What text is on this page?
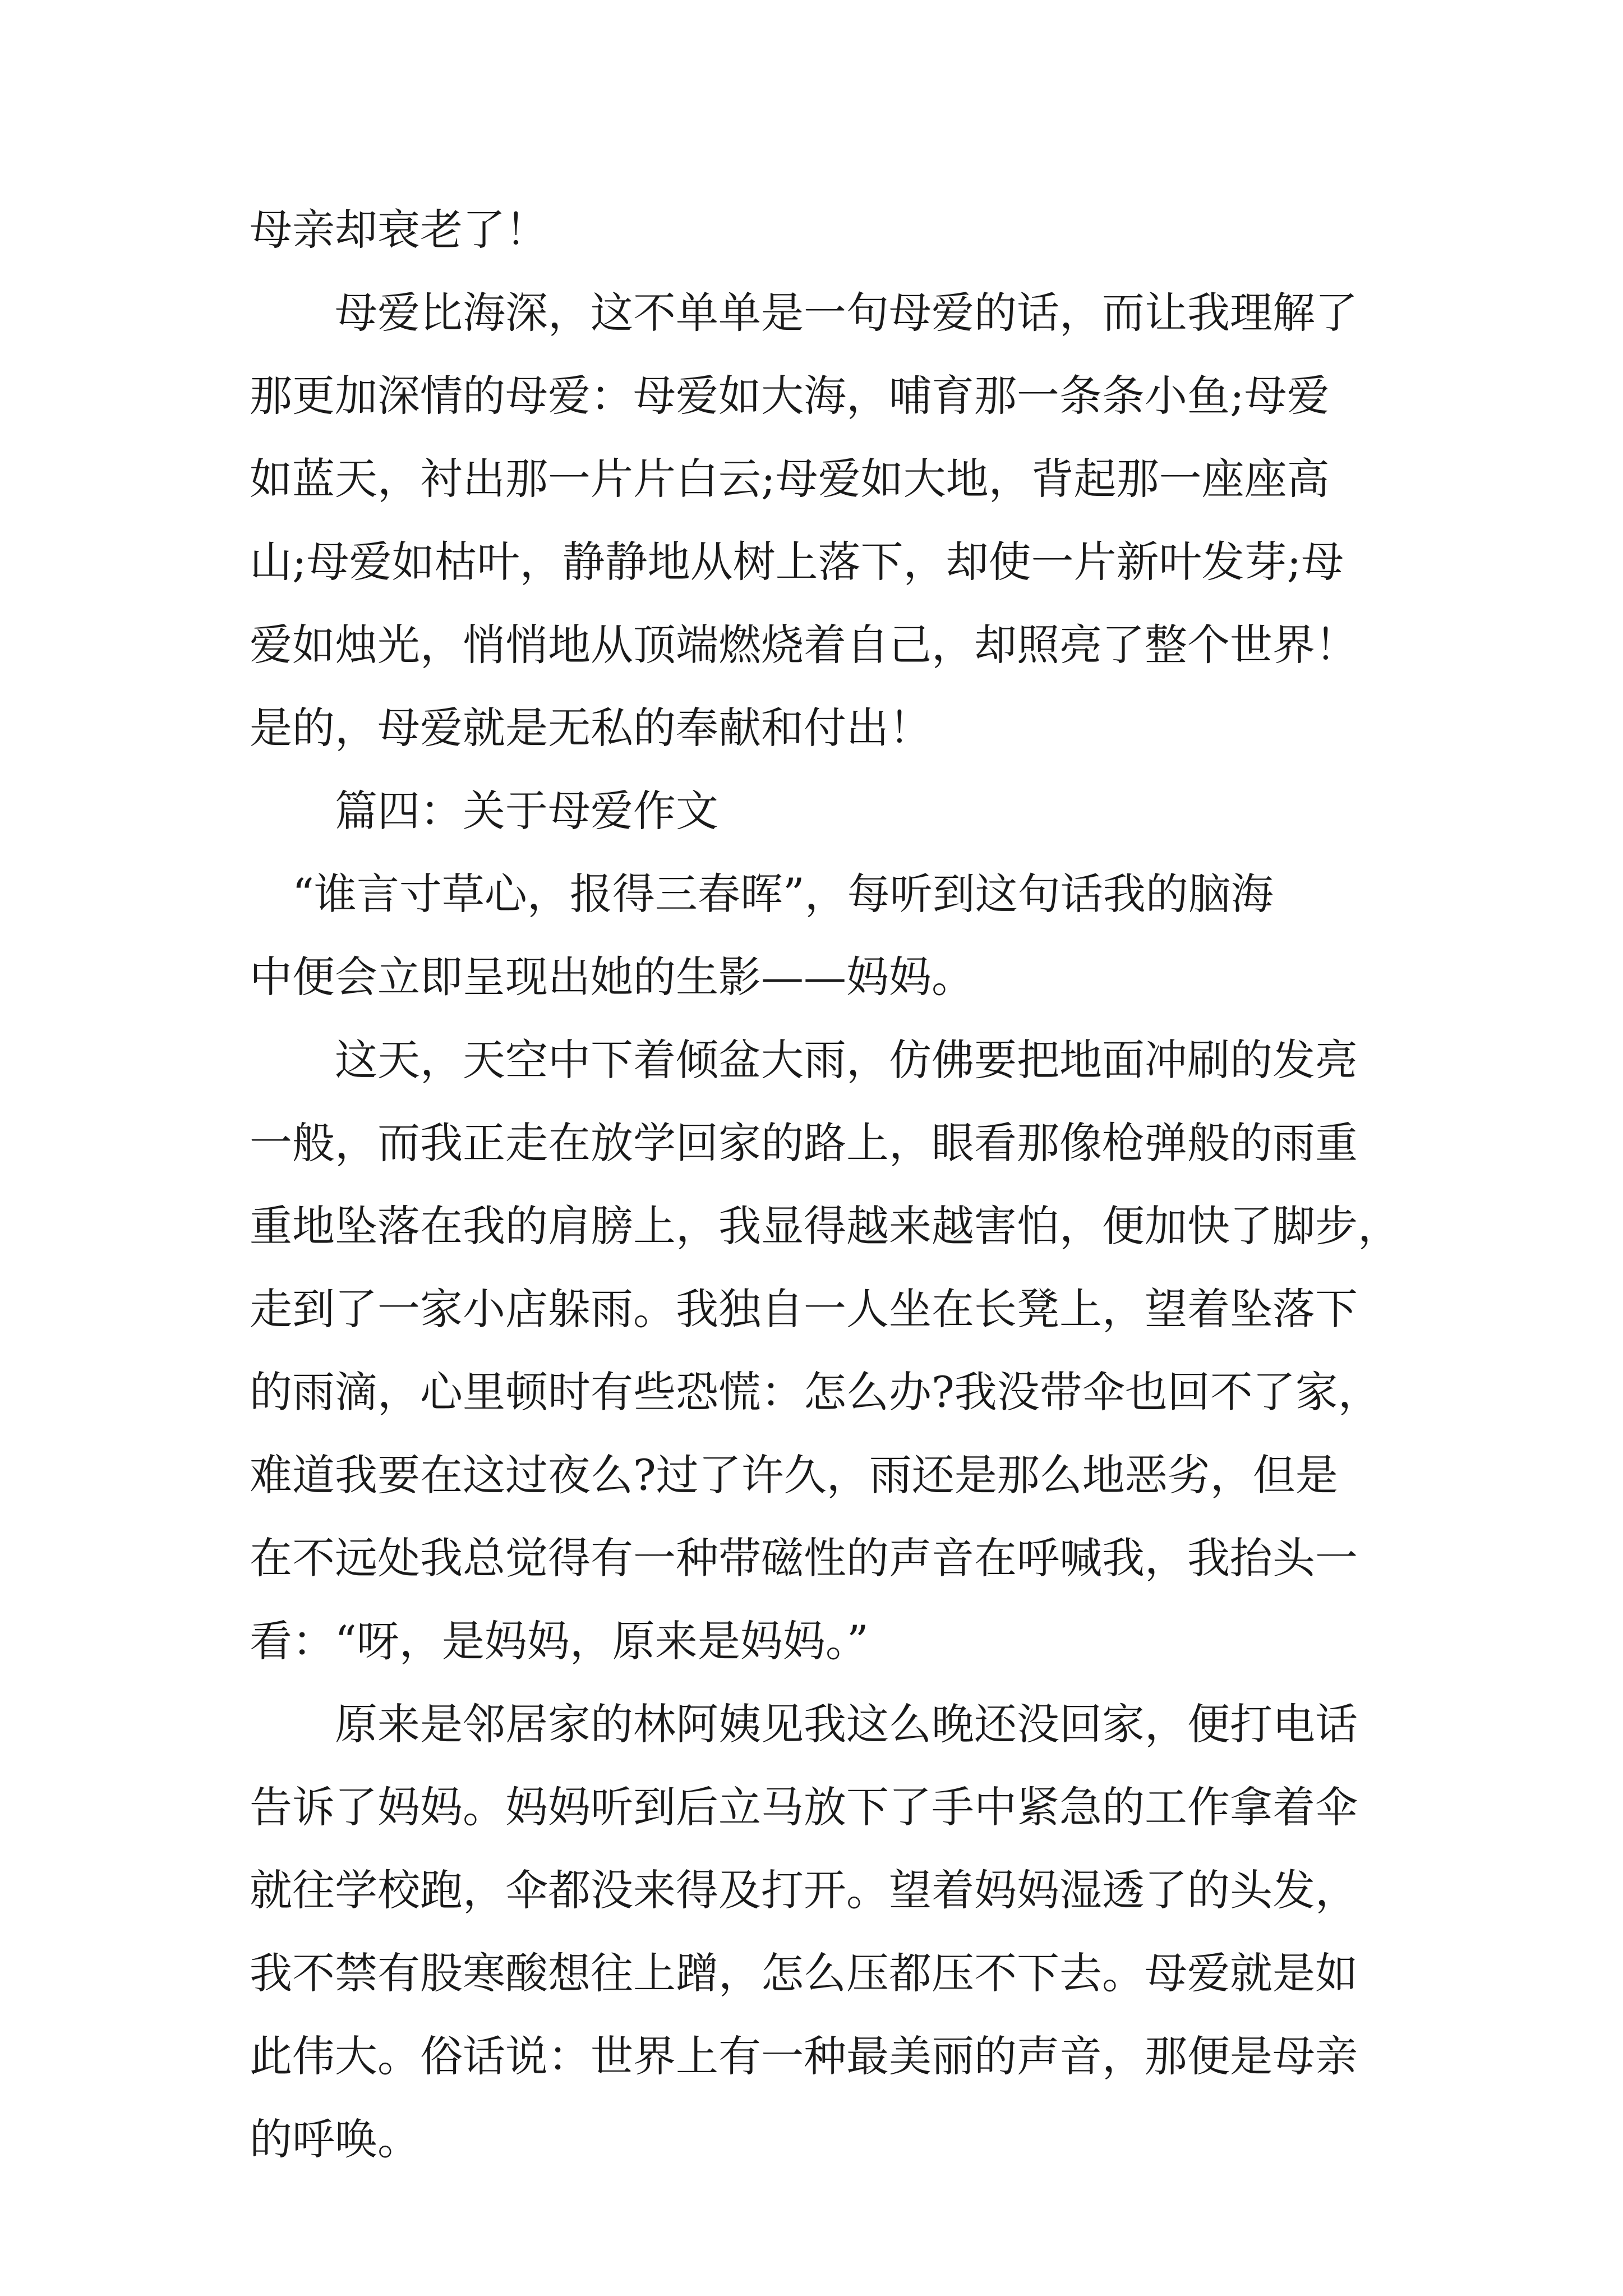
母亲却衰老了！

　　母爱比海深，这不单单是一句母爱的话，而让我理解了

那更加深情的母爱：母爱如大海，哺育那一条条小鱼;母爱

如蓝天，衬出那一片片白云;母爱如大地，背起那一座座高

山;母爱如枯叶，静静地从树上落下，却使一片新叶发芽;母

爱如烛光，悄悄地从顶端燃烧着自己，却照亮了整个世界！

是的，母爱就是无私的奉献和付出！

　　篇四：关于母爱作文

　“谁言寸草心，报得三春晖”，每听到这句话我的脑海

中便会立即呈现出她的生影——妈妈。

　　这天，天空中下着倾盆大雨，仿佛要把地面冲刷的发亮

一般，而我正走在放学回家的路上，眼看那像枪弹般的雨重

重地坠落在我的肩膀上，我显得越来越害怕，便加快了脚步，

走到了一家小店躲雨。我独自一人坐在长凳上，望着坠落下

的雨滴，心里顿时有些恐慌：怎么办?我没带伞也回不了家，

难道我要在这过夜么?过了许久，雨还是那么地恶劣，但是

在不远处我总觉得有一种带磁性的声音在呼喊我，我抬头一

看：“呀，是妈妈，原来是妈妈。”

　　原来是邻居家的林阿姨见我这么晚还没回家，便打电话

告诉了妈妈。妈妈听到后立马放下了手中紧急的工作拿着伞

就往学校跑，伞都没来得及打开。望着妈妈湿透了的头发，

我不禁有股寒酸想往上蹭，怎么压都压不下去。母爱就是如

此伟大。俗话说：世界上有一种最美丽的声音，那便是母亲

的呼唤。
